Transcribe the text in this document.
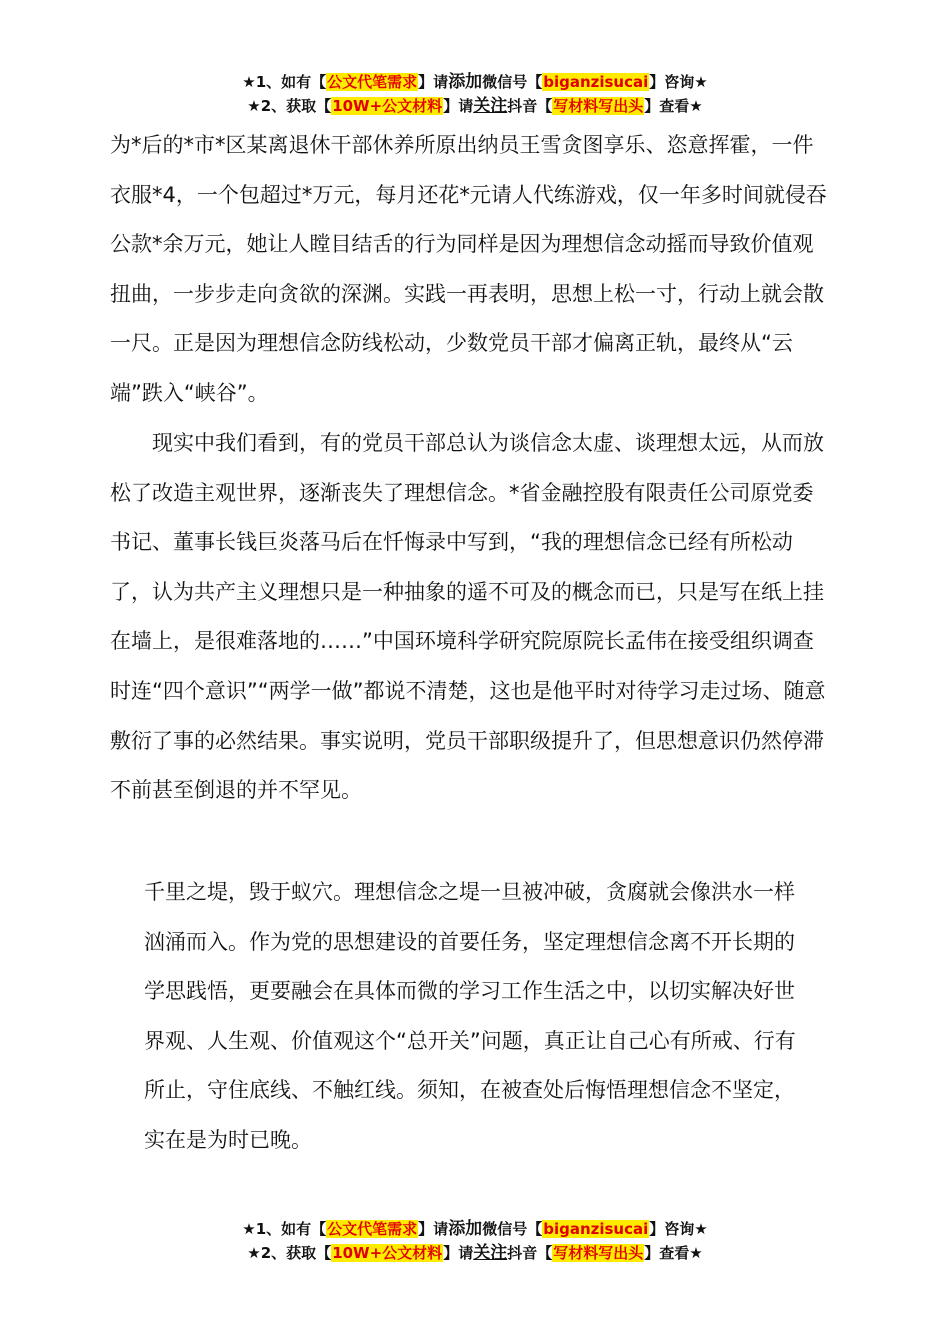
★1、如有【公文代笔需求】请添加微信号【biganzisucai】咨询★
★2、获取【10W+公文材料】请关注抖音【写材料写出头】查看★

为*后的*市*区某离退休干部休养所原出纳员王雪贪图享乐、恣意挥霍，一件衣服*4，一个包超过*万元，每月还花*元请人代练游戏，仅一年多时间就侵吞公款*余万元，她让人瞠目结舌的行为同样是因为理想信念动摇而导致价值观扭曲，一步步走向贪欲的深渊。实践一再表明，思想上松一寸，行动上就会散一尺。正是因为理想信念防线松动，少数党员干部才偏离正轨，最终从“云端”跌入“峡谷”。

现实中我们看到，有的党员干部总认为谈信念太虚、谈理想太远，从而放松了改造主观世界，逐渐丧失了理想信念。*省金融控股有限责任公司原党委书记、董事长钱巨炎落马后在忏悔录中写到，“我的理想信念已经有所松动了，认为共产主义理想只是一种抽象的遥不可及的概念而已，只是写在纸上挂在墙上，是很难落地的……”中国环境科学研究院原院长孟伟在接受组织调查时连“四个意识”“两学一做”都说不清楚，这也是他平时对待学习走过场、随意敷衍了事的必然结果。事实说明，党员干部职级提升了，但思想意识仍然停滞不前甚至倒退的并不罕见。

千里之堤，毁于蚁穴。理想信念之堤一旦被冲破，贪腐就会像洪水一样汹涌而入。作为党的思想建设的首要任务，坚定理想信念离不开长期的学思践悟，更要融会在具体而微的学习工作生活之中，以切实解决好世界观、人生观、价值观这个“总开关”问题，真正让自己心有所戒、行有所止，守住底线、不触红线。须知，在被查处后悔悟理想信念不坚定，实在是为时已晚。

★1、如有【公文代笔需求】请添加微信号【biganzisucai】咨询★
★2、获取【10W+公文材料】请关注抖音【写材料写出头】查看★
